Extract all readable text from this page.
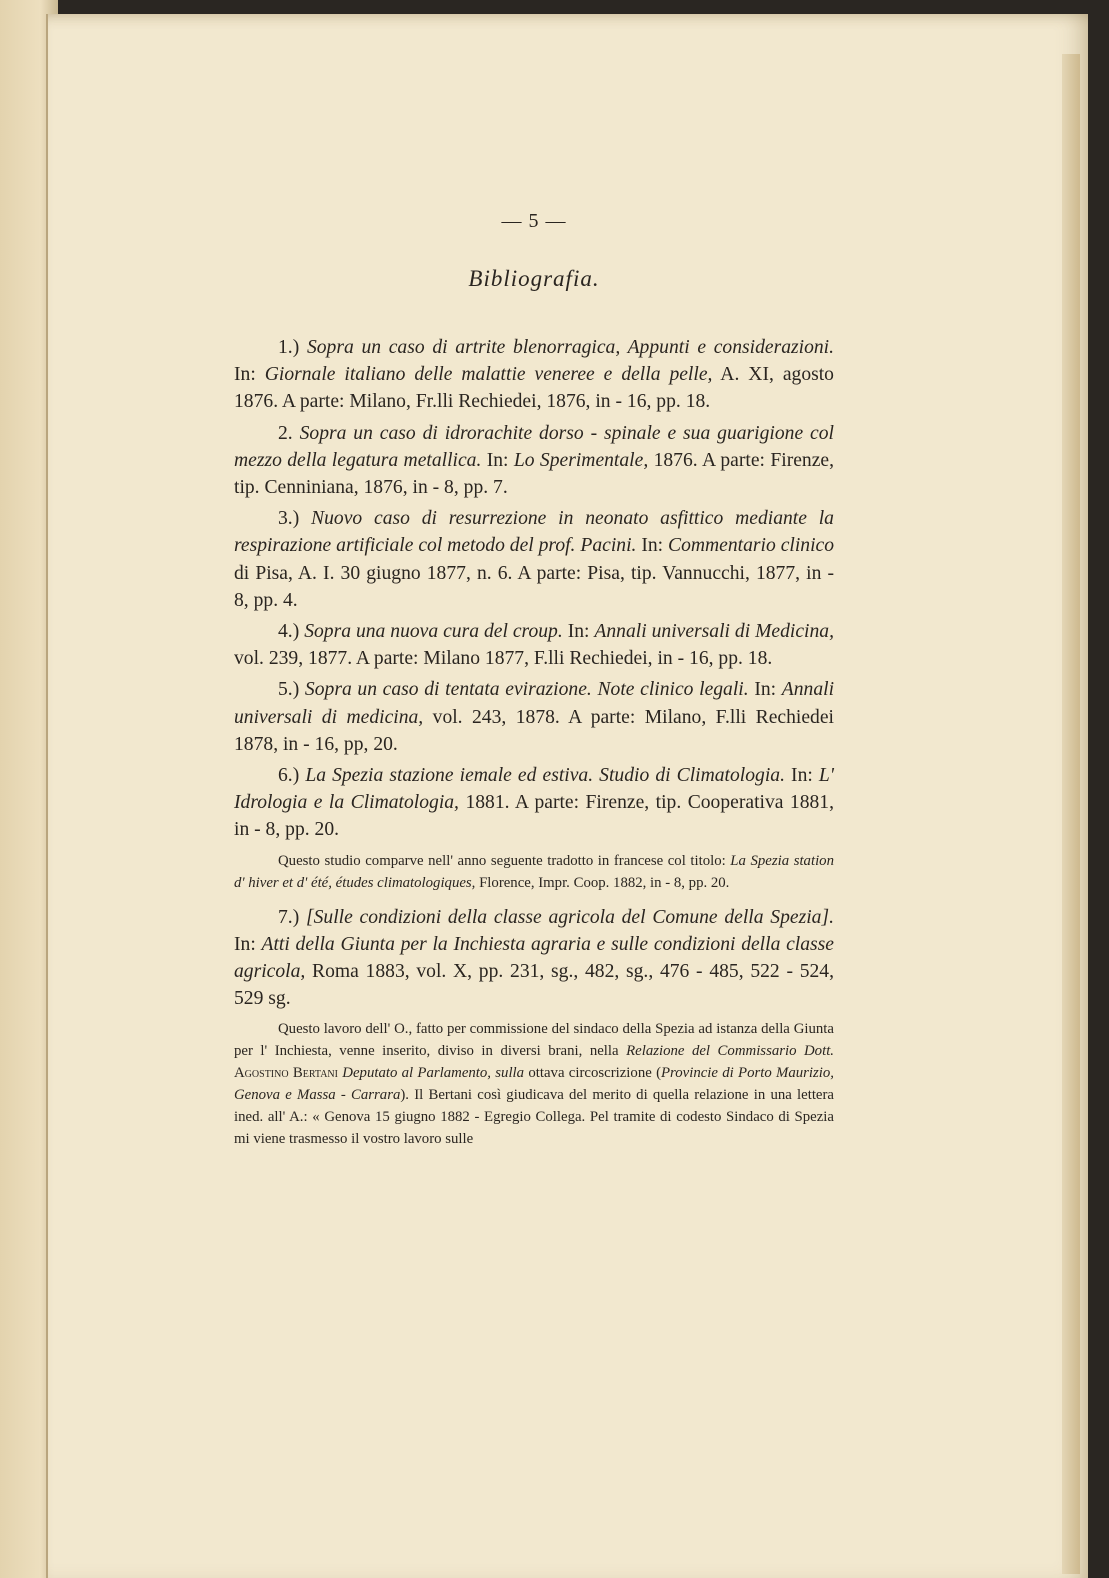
— 5 —
Bibliografia.

1.) Sopra un caso di artrite blenorragica, Appunti e considerazioni. In: Giornale italiano delle malattie veneree e della pelle, A. XI, agosto 1876. A parte: Milano, Fr.lli Rechiedei, 1876, in - 16, pp. 18.

2. Sopra un caso di idrorachite dorso - spinale e sua guarigione col mezzo della legatura metallica. In: Lo Sperimentale, 1876. A parte: Firenze, tip. Cenniniana, 1876, in - 8, pp. 7.

3.) Nuovo caso di resurrezione in neonato asfittico mediante la respirazione artificiale col metodo del prof. Pacini. In: Commentario clinico di Pisa, A. I. 30 giugno 1877, n. 6. A parte: Pisa, tip. Vannucchi, 1877, in - 8, pp. 4.

4.) Sopra una nuova cura del croup. In: Annali universali di Medicina, vol. 239, 1877. A parte: Milano 1877, F.lli Rechiedei, in - 16, pp. 18.

5.) Sopra un caso di tentata evirazione. Note clinico legali. In: Annali universali di medicina, vol. 243, 1878. A parte: Milano, F.lli Rechiedei 1878, in - 16, pp, 20.

6.) La Spezia stazione iemale ed estiva. Studio di Climatologia. In: L' Idrologia e la Climatologia, 1881. A parte: Firenze, tip. Cooperativa 1881, in - 8, pp. 20.

Questo studio comparve nell' anno seguente tradotto in francese col titolo: La Spezia station d' hiver et d' été, études climatologiques, Florence, Impr. Coop. 1882, in - 8, pp. 20.

7.) [Sulle condizioni della classe agricola del Comune della Spezia]. In: Atti della Giunta per la Inchiesta agraria e sulle condizioni della classe agricola, Roma 1883, vol. X, pp. 231, sg., 482, sg., 476 - 485, 522 - 524, 529 sg.

Questo lavoro dell' O., fatto per commissione del sindaco della Spezia ad istanza della Giunta per l' Inchiesta, venne inserito, diviso in diversi brani, nella Relazione del Commissario Dott. Agostino Bertani Deputato al Parlamento, sulla ottava circoscrizione (Provincie di Porto Maurizio, Genova e Massa - Carrara). Il Bertani così giudicava del merito di quella relazione in una lettera ined. all' A.: « Genova 15 giugno 1882 - Egregio Collega. Pel tramite di codesto Sindaco di Spezia mi viene trasmesso il vostro lavoro sulle
